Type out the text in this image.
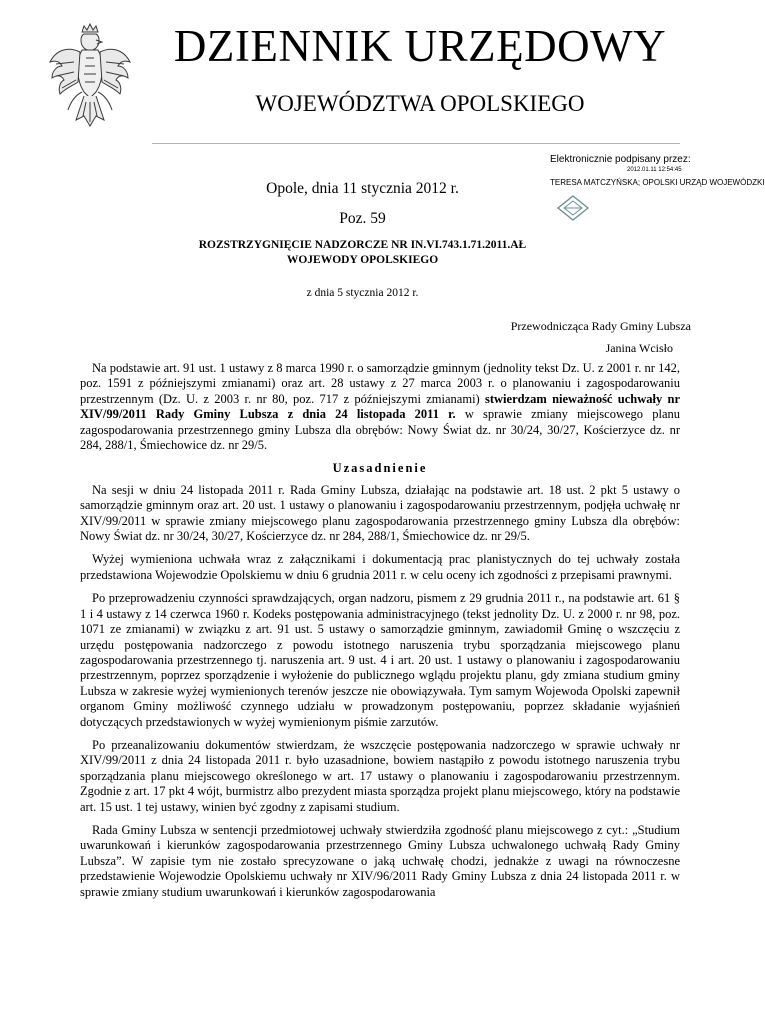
DZIENNIK URZĘDOWY
WOJEWÓDZTWA OPOLSKIEGO
Elektronicznie podpisany przez:
2012.01.11 12:54:45
TERESA MATCZYŃSKA; OPOLSKI URZĄD WOJEWÓDZKI
Opole, dnia 11 stycznia 2012 r.
Poz. 59
ROZSTRZYGNIĘCIE NADZORCZE NR IN.VI.743.1.71.2011.AŁ
WOJEWODY OPOLSKIEGO
z dnia 5 stycznia 2012 r.
Przewodnicząca Rady Gminy Lubsza
Janina Wcisło

Na podstawie art. 91 ust. 1 ustawy z 8 marca 1990 r. o samorządzie gminnym (jednolity tekst Dz. U. z 2001 r. nr 142, poz. 1591 z późniejszymi zmianami) oraz art. 28 ustawy z 27 marca 2003 r. o planowaniu i zagospodarowaniu przestrzennym (Dz. U. z 2003 r. nr 80, poz. 717 z późniejszymi zmianami) stwierdzam nieważność uchwały nr XIV/99/2011 Rady Gminy Lubsza z dnia 24 listopada 2011 r. w sprawie zmiany miejscowego planu zagospodarowania przestrzennego gminy Lubsza dla obrębów: Nowy Świat dz. nr 30/24, 30/27, Kościerzyce dz. nr 284, 288/1, Śmiechowice dz. nr 29/5.

Uzasadnienie

Na sesji w dniu 24 listopada 2011 r. Rada Gminy Lubsza, działając na podstawie art. 18 ust. 2 pkt 5 ustawy o samorządzie gminnym oraz art. 20 ust. 1 ustawy o planowaniu i zagospodarowaniu przestrzennym, podjęła uchwałę nr XIV/99/2011 w sprawie zmiany miejscowego planu zagospodarowania przestrzennego gminy Lubsza dla obrębów: Nowy Świat dz. nr 30/24, 30/27, Kościerzyce dz. nr 284, 288/1, Śmiechowice dz. nr 29/5.

Wyżej wymieniona uchwała wraz z załącznikami i dokumentacją prac planistycznych do tej uchwały została przedstawiona Wojewodzie Opolskiemu w dniu 6 grudnia 2011 r. w celu oceny ich zgodności z przepisami prawnymi.

Po przeprowadzeniu czynności sprawdzających, organ nadzoru, pismem z 29 grudnia 2011 r., na podstawie art. 61 § 1 i 4 ustawy z 14 czerwca 1960 r. Kodeks postępowania administracyjnego (tekst jednolity Dz. U. z 2000 r. nr 98, poz. 1071 ze zmianami) w związku z art. 91 ust. 5 ustawy o samorządzie gminnym, zawiadomił Gminę o wszczęciu z urzędu postępowania nadzorczego z powodu istotnego naruszenia trybu sporządzania miejscowego planu zagospodarowania przestrzennego tj. naruszenia art. 9 ust. 4 i art. 20 ust. 1 ustawy o planowaniu i zagospodarowaniu przestrzennym, poprzez sporządzenie i wyłożenie do publicznego wglądu projektu planu, gdy zmiana studium gminy Lubsza w zakresie wyżej wymienionych terenów jeszcze nie obowiązywała. Tym samym Wojewoda Opolski zapewnił organom Gminy możliwość czynnego udziału w prowadzonym postępowaniu, poprzez składanie wyjaśnień dotyczących przedstawionych w wyżej wymienionym piśmie zarzutów.

Po przeanalizowaniu dokumentów stwierdzam, że wszczęcie postępowania nadzorczego w sprawie uchwały nr XIV/99/2011 z dnia 24 listopada 2011 r. było uzasadnione, bowiem nastąpiło z powodu istotnego naruszenia trybu sporządzania planu miejscowego określonego w art. 17 ustawy o planowaniu i zagospodarowaniu przestrzennym. Zgodnie z art. 17 pkt 4 wójt, burmistrz albo prezydent miasta sporządza projekt planu miejscowego, który na podstawie art. 15 ust. 1 tej ustawy, winien być zgodny z zapisami studium.

Rada Gminy Lubsza w sentencji przedmiotowej uchwały stwierdziła zgodność planu miejscowego z cyt.: „Studium uwarunkowań i kierunków zagospodarowania przestrzennego Gminy Lubsza uchwalonego uchwałą Rady Gminy Lubsza”. W zapisie tym nie zostało sprecyzowane o jaką uchwałę chodzi, jednakże z uwagi na równoczesne przedstawienie Wojewodzie Opolskiemu uchwały nr XIV/96/2011 Rady Gminy Lubsza z dnia 24 listopada 2011 r. w sprawie zmiany studium uwarunkowań i kierunków zagospodarowania
